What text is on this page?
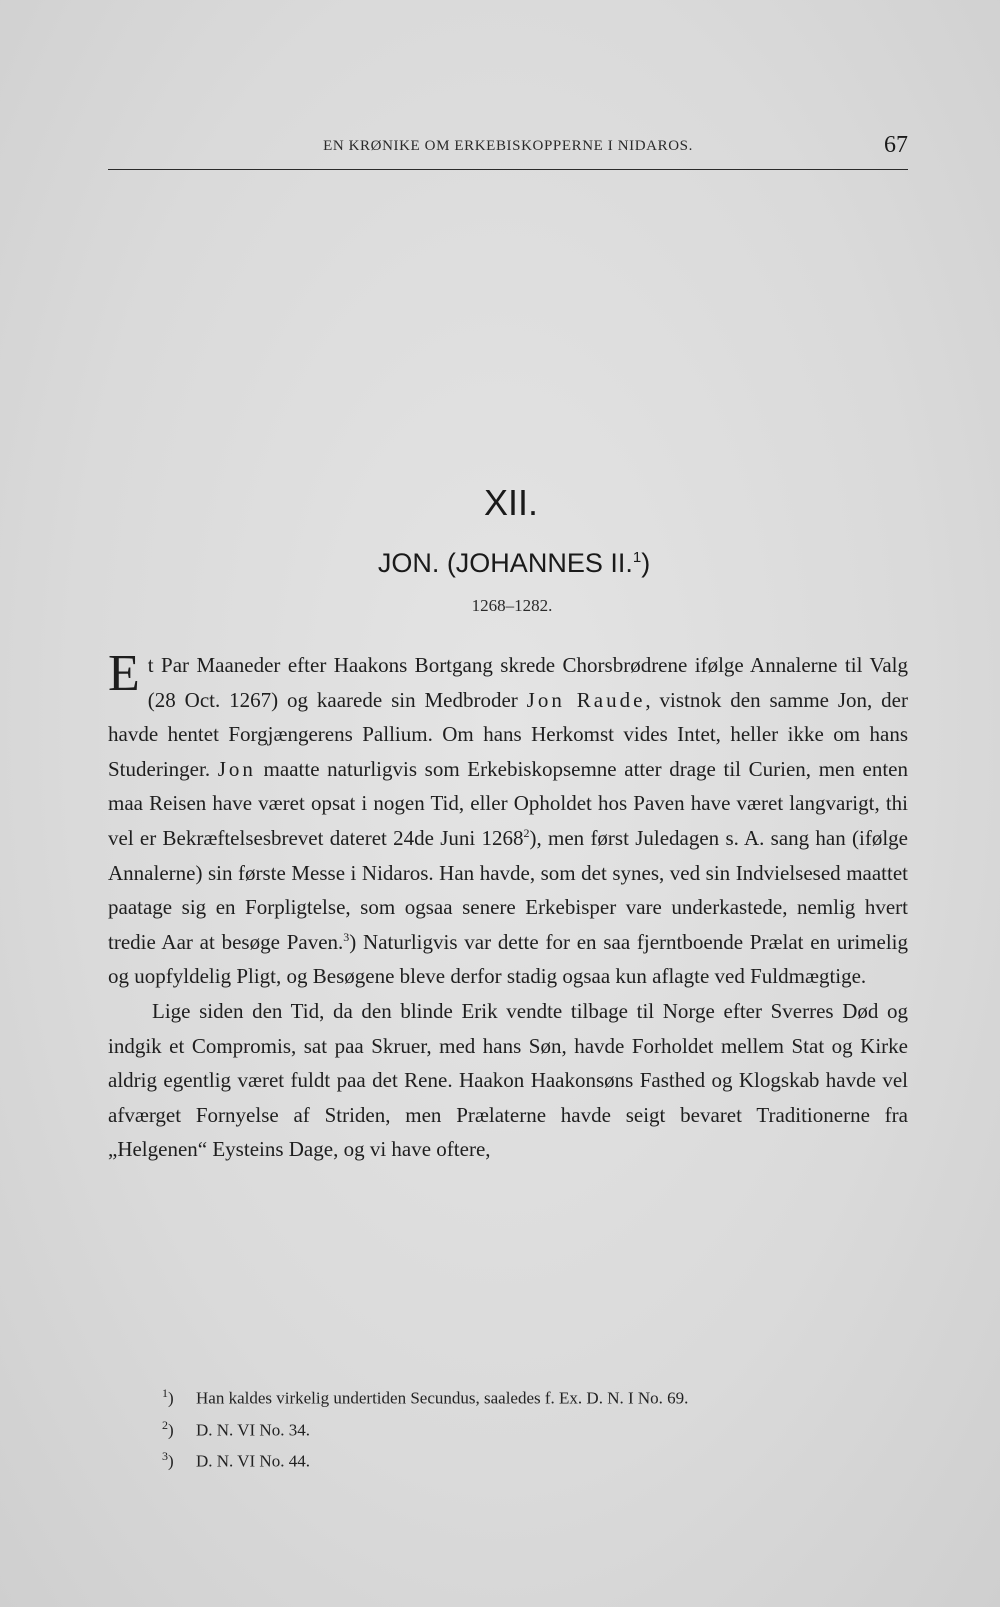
EN KRØNIKE OM ERKEBISKOPPERNE I NIDAROS.	67
XII.
JON. (JOHANNES II.$^1$)
1268–1282.

Et Par Maaneder efter Haakons Bortgang skrede Chorsbrødrene ifølge Annalerne til Valg (28 Oct. 1267) og kaarede sin Medbroder Jon Raude, vistnok den samme Jon, der havde hentet Forgjængerens Pallium. Om hans Herkomst vides Intet, heller ikke om hans Studeringer. Jon maatte naturligvis som Erkebiskopsemne atter drage til Curien, men enten maa Reisen have været opsat i nogen Tid, eller Opholdet hos Paven have været langvarigt, thi vel er Bekræftelsesbrevet dateret 24de Juni 1268$^2$), men først Juledagen s. A. sang han (ifølge Annalerne) sin første Messe i Nidaros. Han havde, som det synes, ved sin Indvielsesed maattet paatage sig en Forpligtelse, som ogsaa senere Erkebisper vare underkastede, nemlig hvert tredie Aar at besøge Paven.$^3$) Naturligvis var dette for en saa fjerntboende Prælat en urimelig og uopfyldelig Pligt, og Besøgene bleve derfor stadig ogsaa kun aflagte ved Fuldmægtige.

Lige siden den Tid, da den blinde Erik vendte tilbage til Norge efter Sverres Død og indgik et Compromis, sat paa Skruer, med hans Søn, havde Forholdet mellem Stat og Kirke aldrig egentlig været fuldt paa det Rene. Haakon Haakonsøns Fasthed og Klogskab havde vel afværget Fornyelse af Striden, men Prælaterne havde seigt bevaret Traditionerne fra „Helgenen“ Eysteins Dage, og vi have oftere,

$^1$) Han kaldes virkelig undertiden Secundus, saaledes f. Ex. D. N. I No. 69.
$^2$) D. N. VI No. 34.
$^3$) D. N. VI No. 44.
